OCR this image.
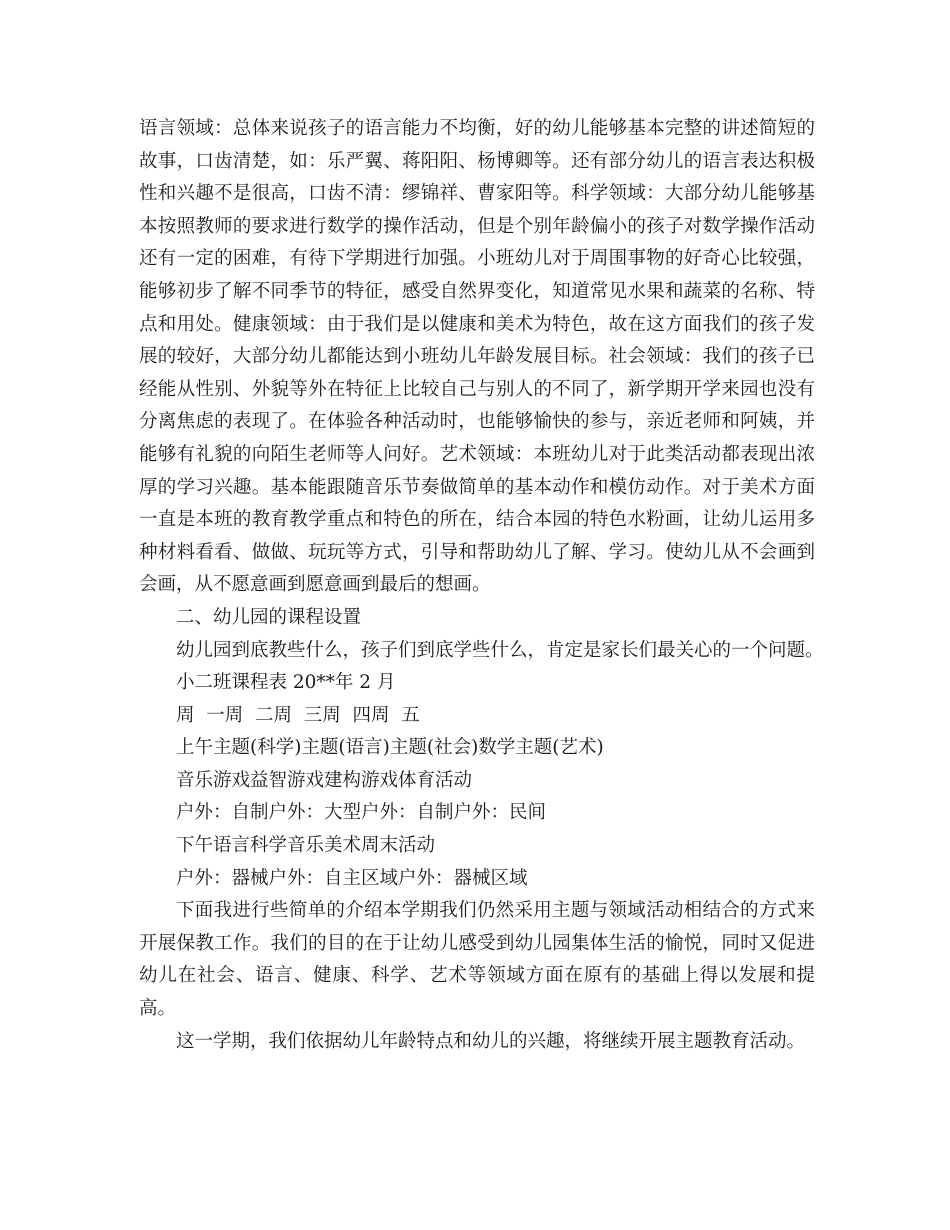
语言领域：总体来说孩子的语言能力不均衡，好的幼儿能够基本完整的讲述简短的故事，口齿清楚，如：乐严翼、蒋阳阳、杨博卿等。还有部分幼儿的语言表达积极性和兴趣不是很高，口齿不清：缪锦祥、曹家阳等。科学领域：大部分幼儿能够基本按照教师的要求进行数学的操作活动，但是个别年龄偏小的孩子对数学操作活动还有一定的困难，有待下学期进行加强。小班幼儿对于周围事物的好奇心比较强，能够初步了解不同季节的特征，感受自然界变化，知道常见水果和蔬菜的名称、特点和用处。健康领域：由于我们是以健康和美术为特色，故在这方面我们的孩子发展的较好，大部分幼儿都能达到小班幼儿年龄发展目标。社会领域：我们的孩子已经能从性别、外貌等外在特征上比较自己与别人的不同了，新学期开学来园也没有分离焦虑的表现了。在体验各种活动时，也能够愉快的参与，亲近老师和阿姨，并能够有礼貌的向陌生老师等人问好。艺术领域：本班幼儿对于此类活动都表现出浓厚的学习兴趣。基本能跟随音乐节奏做简单的基本动作和模仿动作。对于美术方面一直是本班的教育教学重点和特色的所在，结合本园的特色水粉画，让幼儿运用多种材料看看、做做、玩玩等方式，引导和帮助幼儿了解、学习。使幼儿从不会画到会画，从不愿意画到愿意画到最后的想画。

二、幼儿园的课程设置

幼儿园到底教些什么，孩子们到底学些什么，肯定是家长们最关心的一个问题。

小二班课程表 20**年 2 月

周  一周  二周  三周  四周  五

上午主题(科学)主题(语言)主题(社会)数学主题(艺术)

音乐游戏益智游戏建构游戏体育活动

户外：自制户外：大型户外：自制户外：民间

下午语言科学音乐美术周末活动

户外：器械户外：自主区域户外：器械区域

下面我进行些简单的介绍本学期我们仍然采用主题与领域活动相结合的方式来开展保教工作。我们的目的在于让幼儿感受到幼儿园集体生活的愉悦，同时又促进幼儿在社会、语言、健康、科学、艺术等领域方面在原有的基础上得以发展和提高。

这一学期，我们依据幼儿年龄特点和幼儿的兴趣，将继续开展主题教育活动。
